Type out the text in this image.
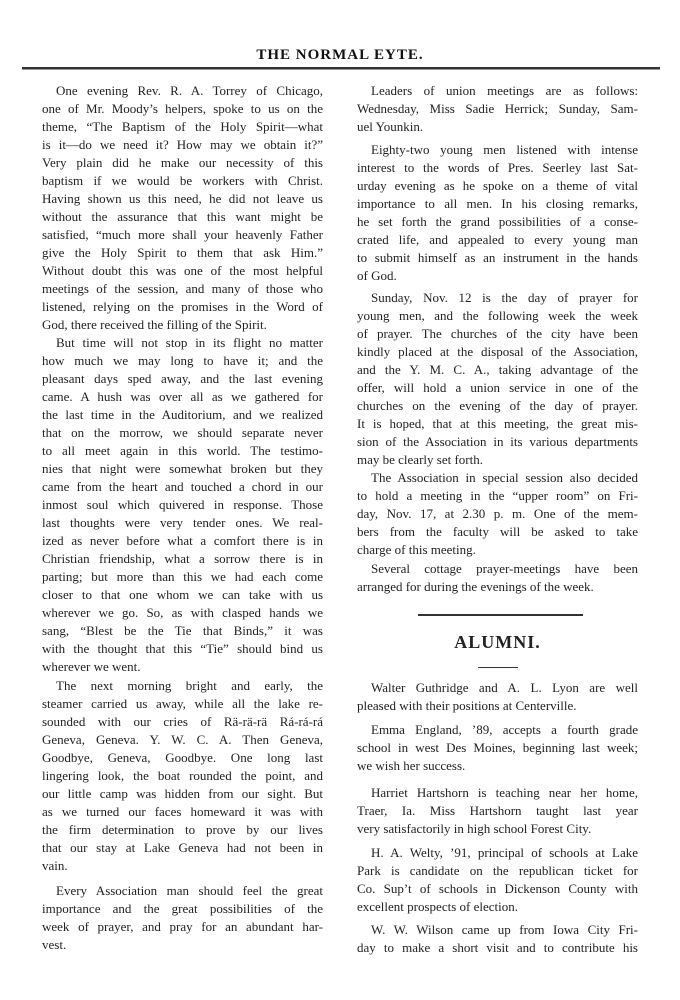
THE NORMAL EYTE.
One evening Rev. R. A. Torrey of Chicago,
one of Mr. Moody’s helpers, spoke to us on the
theme, “The Baptism of the Holy Spirit—what
is it—do we need it? How may we obtain it?”
Very plain did he make our necessity of this
baptism if we would be workers with Christ.
Having shown us this need, he did not leave us
without the assurance that this want might be
satisfied, “much more shall your heavenly Father
give the Holy Spirit to them that ask Him.”
Without doubt this was one of the most helpful
meetings of the session, and many of those who
listened, relying on the promises in the Word of
God, there received the filling of the Spirit.
But time will not stop in its flight no matter
how much we may long to have it; and the
pleasant days sped away, and the last evening
came. A hush was over all as we gathered for
the last time in the Auditorium, and we realized
that on the morrow, we should separate never
to all meet again in this world. The testimo-
nies that night were somewhat broken but they
came from the heart and touched a chord in our
inmost soul which quivered in response. Those
last thoughts were very tender ones. We real-
ized as never before what a comfort there is in
Christian friendship, what a sorrow there is in
parting; but more than this we had each come
closer to that one whom we can take with us
wherever we go. So, as with clasped hands we
sang, “Blest be the Tie that Binds,” it was
with the thought that this “Tie” should bind us
wherever we went.
The next morning bright and early, the
steamer carried us away, while all the lake re-
sounded with our cries of Rä-rä-rä Rá-rá-rá
Geneva, Geneva. Y. W. C. A. Then Geneva,
Goodbye, Geneva, Goodbye. One long last
lingering look, the boat rounded the point, and
our little camp was hidden from our sight. But
as we turned our faces homeward it was with
the firm determination to prove by our lives
that our stay at Lake Geneva had not been in
vain.
Every Association man should feel the great
importance and the great possibilities of the
week of prayer, and pray for an abundant har-
vest.
Leaders of union meetings are as follows:
Wednesday, Miss Sadie Herrick; Sunday, Sam-
uel Younkin.
Eighty-two young men listened with intense
interest to the words of Pres. Seerley last Sat-
urday evening as he spoke on a theme of vital
importance to all men. In his closing remarks,
he set forth the grand possibilities of a conse-
crated life, and appealed to every young man
to submit himself as an instrument in the hands
of God.
Sunday, Nov. 12 is the day of prayer for
young men, and the following week the week
of prayer. The churches of the city have been
kindly placed at the disposal of the Association,
and the Y. M. C. A., taking advantage of the
offer, will hold a union service in one of the
churches on the evening of the day of prayer.
It is hoped, that at this meeting, the great mis-
sion of the Association in its various departments
may be clearly set forth.
The Association in special session also decided
to hold a meeting in the “upper room” on Fri-
day, Nov. 17, at 2.30 p. m. One of the mem-
bers from the faculty will be asked to take
charge of this meeting.
Several cottage prayer-meetings have been
arranged for during the evenings of the week.
ALUMNI.
Walter Guthridge and A. L. Lyon are well
pleased with their positions at Centerville.
Emma England, ’89, accepts a fourth grade
school in west Des Moines, beginning last week;
we wish her success.
Harriet Hartshorn is teaching near her home,
Traer, Ia. Miss Hartshorn taught last year
very satisfactorily in high school Forest City.
H. A. Welty, ’91, principal of schools at Lake
Park is candidate on the republican ticket for
Co. Sup’t of schools in Dickenson County with
excellent prospects of election.
W. W. Wilson came up from Iowa City Fri-
day to make a short visit and to contribute his
